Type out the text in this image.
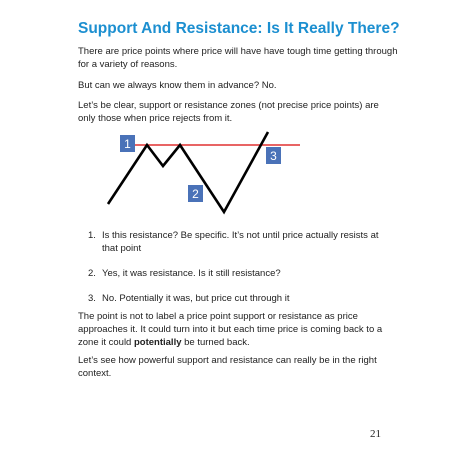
Support And Resistance: Is It Really There?
There are price points where price will have have tough time getting through for a variety of reasons.
But can we always know them in advance? No.
Let’s be clear, support or resistance zones (not precise price points) are only those when price rejects from it.
1
2
3
1. Is this resistance? Be specific. It’s not until price actually resists at that point
2. Yes, it was resistance. Is it still resistance?
3. No. Potentially it was, but price cut through it
The point is not to label a price point support or resistance as price approaches it. It could turn into it but each time price is coming back to a zone it could potentially be turned back.
Let’s see how powerful support and resistance can really be in the right context.
21
